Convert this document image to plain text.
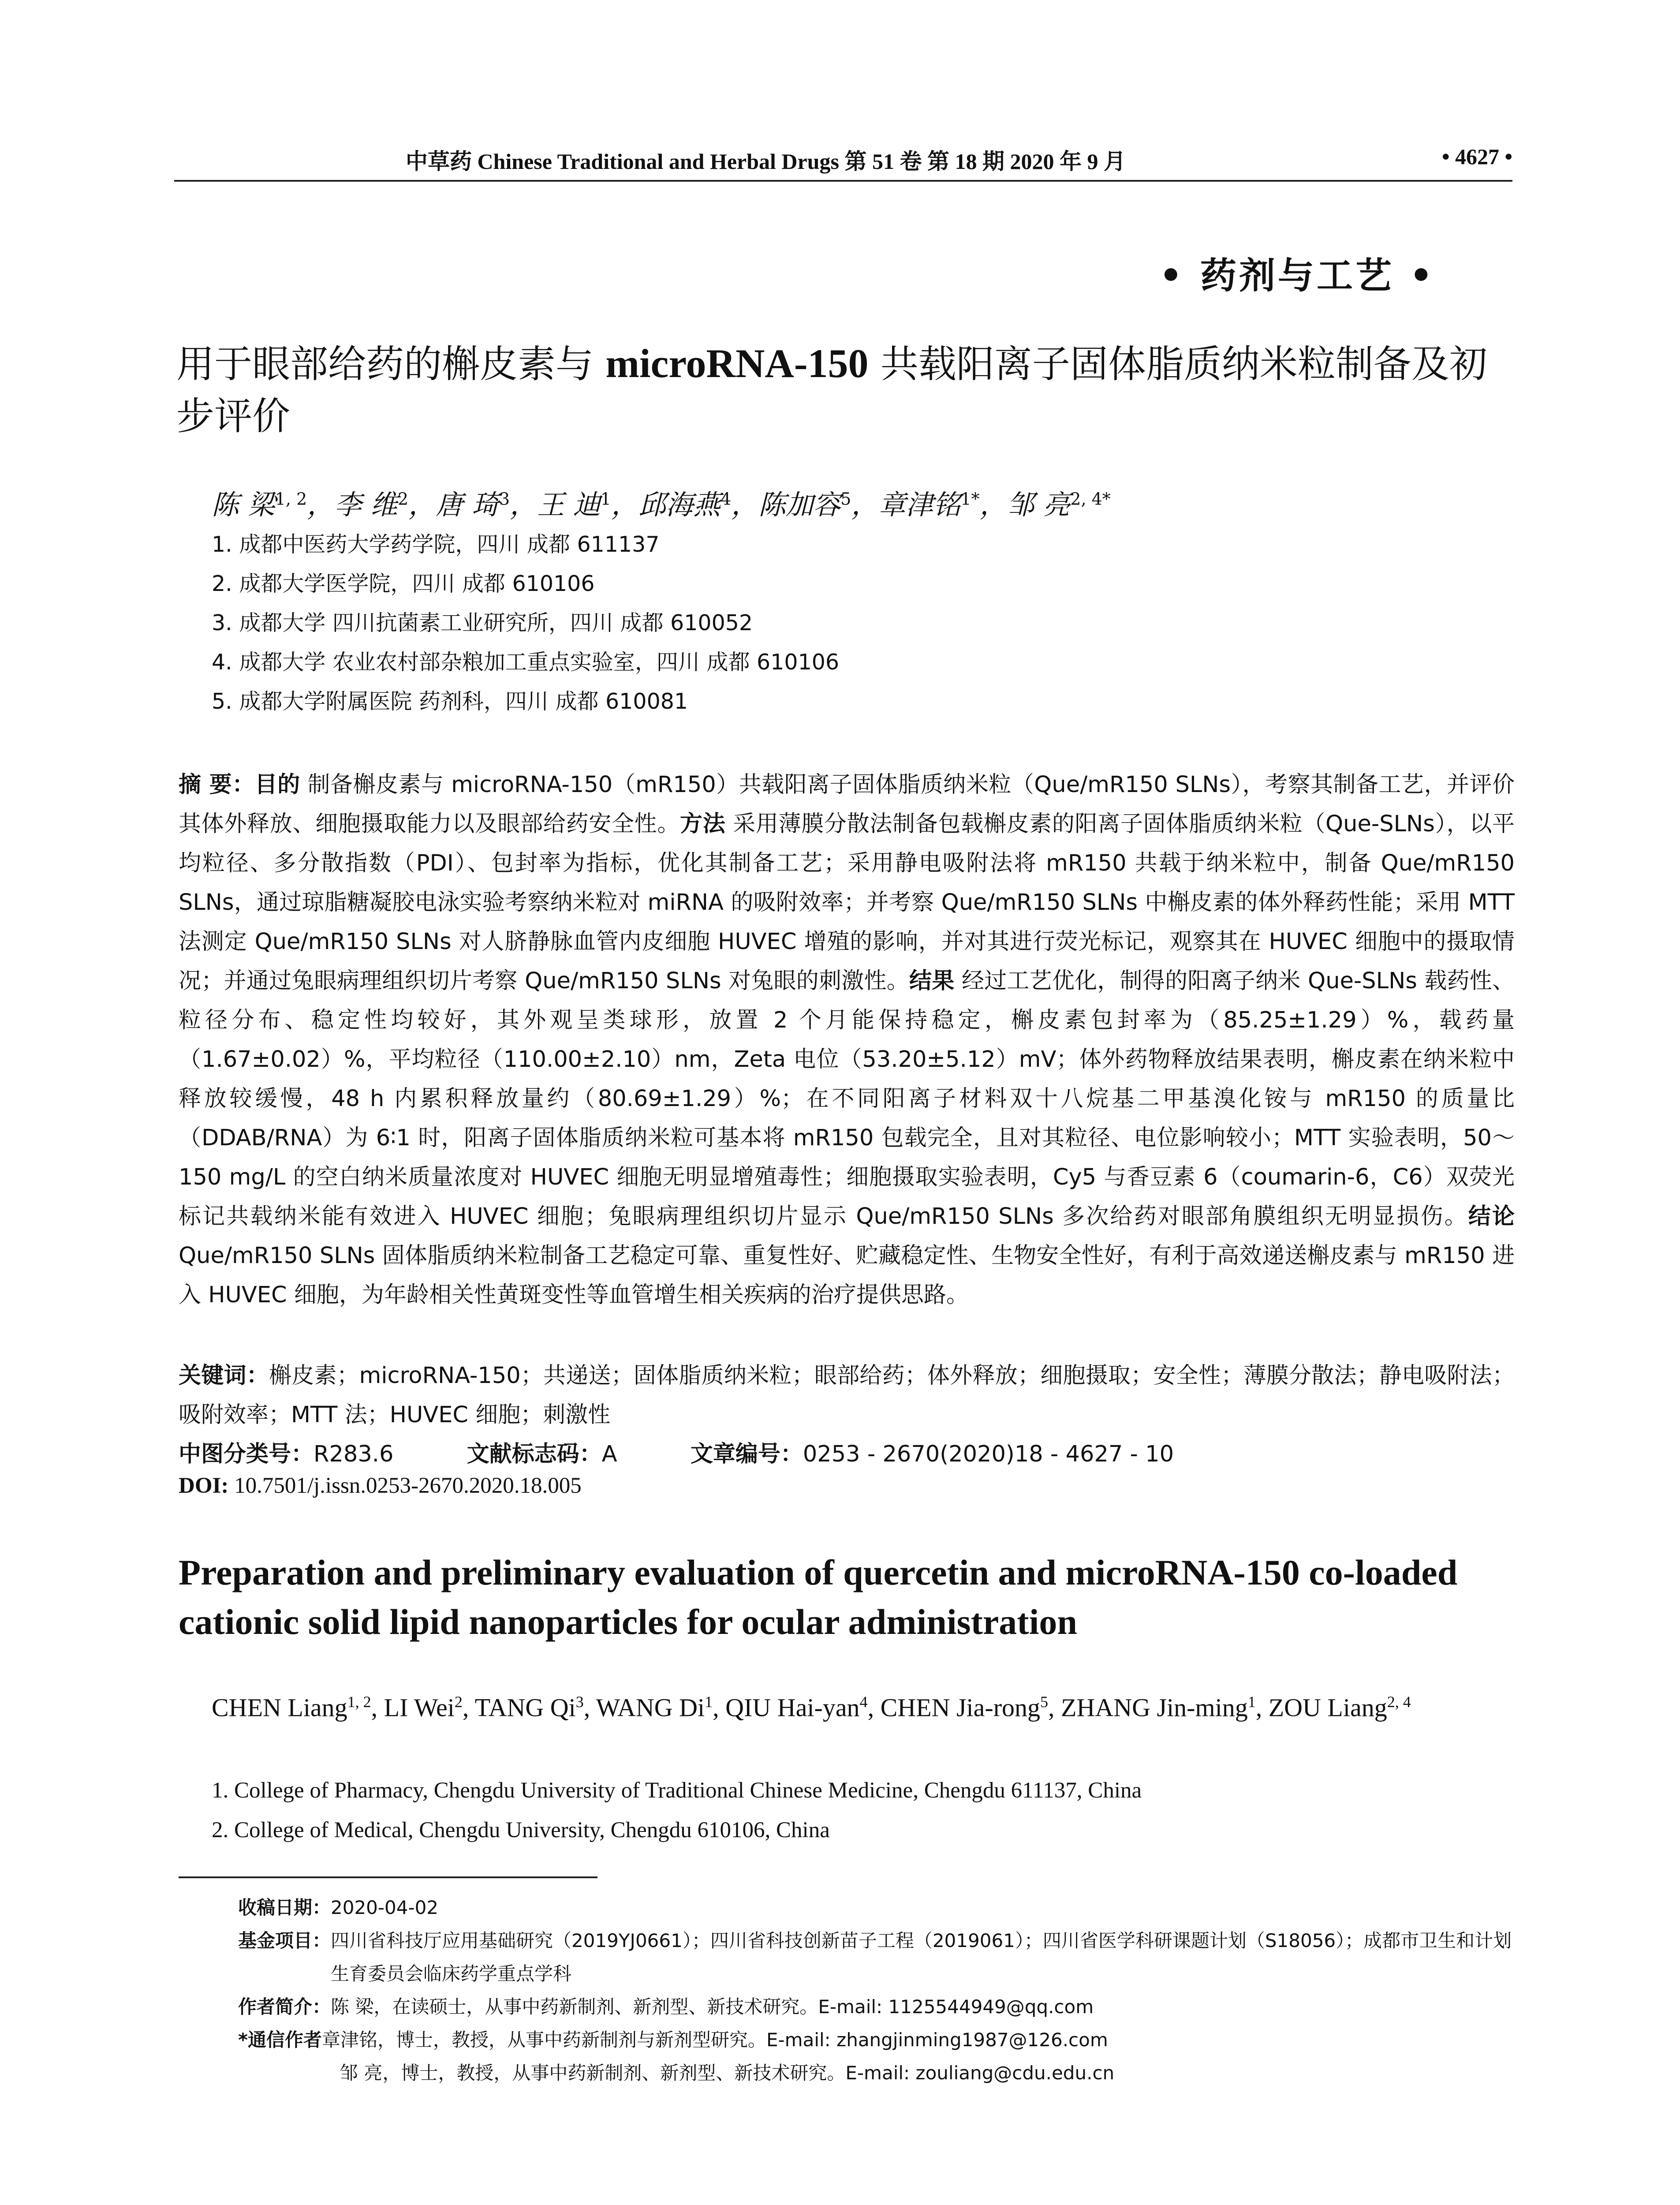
中草药 Chinese Traditional and Herbal Drugs 第 51 卷 第 18 期 2020 年 9 月	• 4627 •
• 药剂与工艺 •
用于眼部给药的槲皮素与 microRNA-150 共载阳离子固体脂质纳米粒制备及初步评价
陈 梁$^{1, 2}$，李 维$^2$，唐 琦$^3$，王 迪$^1$，邱海燕$^4$，陈加容$^5$，章津铭$^{1*}$，邹 亮$^{2, 4*}$
1. 成都中医药大学药学院，四川 成都 611137
2. 成都大学医学院，四川 成都 610106
3. 成都大学 四川抗菌素工业研究所，四川 成都 610052
4. 成都大学 农业农村部杂粮加工重点实验室，四川 成都 610106
5. 成都大学附属医院 药剂科，四川 成都 610081
摘 要：目的 制备槲皮素与 microRNA-150（mR150）共载阳离子固体脂质纳米粒（Que/mR150 SLNs），考察其制备工艺，并评价其体外释放、细胞摄取能力以及眼部给药安全性。方法 采用薄膜分散法制备包载槲皮素的阳离子固体脂质纳米粒（Que-SLNs），以平均粒径、多分散指数（PDI）、包封率为指标，优化其制备工艺；采用静电吸附法将 mR150 共载于纳米粒中，制备 Que/mR150 SLNs，通过琼脂糖凝胶电泳实验考察纳米粒对 miRNA 的吸附效率；并考察 Que/mR150 SLNs 中槲皮素的体外释药性能；采用 MTT 法测定 Que/mR150 SLNs 对人脐静脉血管内皮细胞 HUVEC 增殖的影响，并对其进行荧光标记，观察其在 HUVEC 细胞中的摄取情况；并通过兔眼病理组织切片考察 Que/mR150 SLNs 对兔眼的刺激性。结果 经过工艺优化，制得的阳离子纳米 Que-SLNs 载药性、粒径分布、稳定性均较好，其外观呈类球形，放置 2 个月能保持稳定，槲皮素包封率为（85.25±1.29）%，载药量（1.67±0.02）%，平均粒径（110.00±2.10）nm，Zeta 电位（53.20±5.12）mV；体外药物释放结果表明，槲皮素在纳米粒中释放较缓慢，48 h 内累积释放量约（80.69±1.29）%；在不同阳离子材料双十八烷基二甲基溴化铵与 mR150 的质量比（DDAB/RNA）为 6∶1 时，阳离子固体脂质纳米粒可基本将 mR150 包载完全，且对其粒径、电位影响较小；MTT 实验表明，50～150 mg/L 的空白纳米质量浓度对 HUVEC 细胞无明显增殖毒性；细胞摄取实验表明，Cy5 与香豆素 6（coumarin-6，C6）双荧光标记共载纳米能有效进入 HUVEC 细胞；兔眼病理组织切片显示 Que/mR150 SLNs 多次给药对眼部角膜组织无明显损伤。结论 Que/mR150 SLNs 固体脂质纳米粒制备工艺稳定可靠、重复性好、贮藏稳定性、生物安全性好，有利于高效递送槲皮素与 mR150 进入 HUVEC 细胞，为年龄相关性黄斑变性等血管增生相关疾病的治疗提供思路。
关键词：槲皮素；microRNA-150；共递送；固体脂质纳米粒；眼部给药；体外释放；细胞摄取；安全性；薄膜分散法；静电吸附法；吸附效率；MTT 法；HUVEC 细胞；刺激性
中图分类号：R283.6	文献标志码：A	文章编号：0253 - 2670(2020)18 - 4627 - 10
DOI: 10.7501/j.issn.0253-2670.2020.18.005
Preparation and preliminary evaluation of quercetin and microRNA-150 co-loaded cationic solid lipid nanoparticles for ocular administration
CHEN Liang$^{1, 2}$, LI Wei$^2$, TANG Qi$^3$, WANG Di$^1$, QIU Hai-yan$^4$, CHEN Jia-rong$^5$, ZHANG Jin-ming$^1$, ZOU Liang$^{2, 4}$
1. College of Pharmacy, Chengdu University of Traditional Chinese Medicine, Chengdu 611137, China
2. College of Medical, Chengdu University, Chengdu 610106, China
收稿日期： 2020-04-02
基金项目： 四川省科技厅应用基础研究（2019YJ0661）；四川省科技创新苗子工程（2019061）；四川省医学科研课题计划（S18056）；成都市卫生和计划生育委员会临床药学重点学科
作者简介： 陈 梁，在读硕士，从事中药新制剂、新剂型、新技术研究。E-mail: 1125544949@qq.com
*通信作者 章津铭，博士，教授，从事中药新制剂与新剂型研究。E-mail: zhangjinming1987@126.com
邹 亮，博士，教授，从事中药新制剂、新剂型、新技术研究。E-mail: zouliang@cdu.edu.cn
